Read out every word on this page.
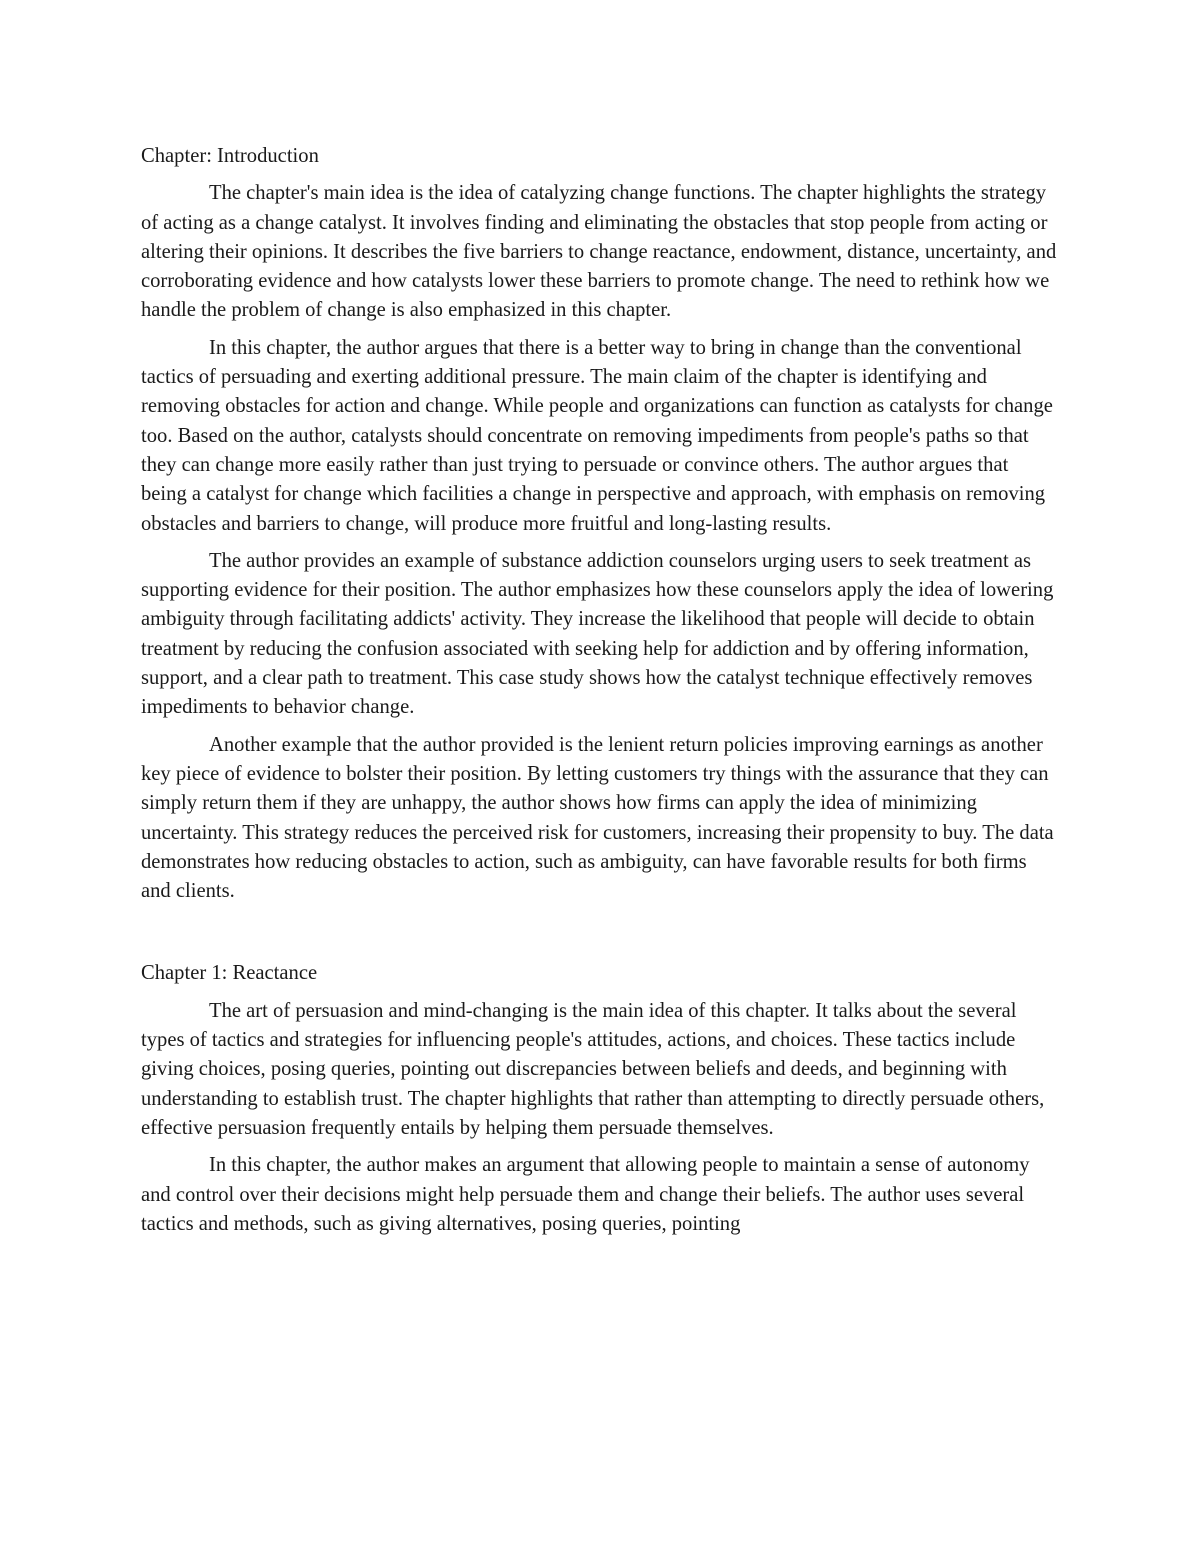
Chapter: Introduction

The chapter's main idea is the idea of catalyzing change functions. The chapter highlights the strategy of acting as a change catalyst. It involves finding and eliminating the obstacles that stop people from acting or altering their opinions. It describes the five barriers to change reactance, endowment, distance, uncertainty, and corroborating evidence and how catalysts lower these barriers to promote change. The need to rethink how we handle the problem of change is also emphasized in this chapter.

In this chapter, the author argues that there is a better way to bring in change than the conventional tactics of persuading and exerting additional pressure. The main claim of the chapter is identifying and removing obstacles for action and change. While people and organizations can function as catalysts for change too. Based on the author, catalysts should concentrate on removing impediments from people's paths so that they can change more easily rather than just trying to persuade or convince others. The author argues that being a catalyst for change which facilities a change in perspective and approach, with emphasis on removing obstacles and barriers to change, will produce more fruitful and long-lasting results.

The author provides an example of substance addiction counselors urging users to seek treatment as supporting evidence for their position. The author emphasizes how these counselors apply the idea of lowering ambiguity through facilitating addicts' activity. They increase the likelihood that people will decide to obtain treatment by reducing the confusion associated with seeking help for addiction and by offering information, support, and a clear path to treatment. This case study shows how the catalyst technique effectively removes impediments to behavior change.

Another example that the author provided is the lenient return policies improving earnings as another key piece of evidence to bolster their position. By letting customers try things with the assurance that they can simply return them if they are unhappy, the author shows how firms can apply the idea of minimizing uncertainty. This strategy reduces the perceived risk for customers, increasing their propensity to buy. The data demonstrates how reducing obstacles to action, such as ambiguity, can have favorable results for both firms and clients.

Chapter 1: Reactance

The art of persuasion and mind-changing is the main idea of this chapter. It talks about the several types of tactics and strategies for influencing people's attitudes, actions, and choices. These tactics include giving choices, posing queries, pointing out discrepancies between beliefs and deeds, and beginning with understanding to establish trust. The chapter highlights that rather than attempting to directly persuade others, effective persuasion frequently entails by helping them persuade themselves.

In this chapter, the author makes an argument that allowing people to maintain a sense of autonomy and control over their decisions might help persuade them and change their beliefs. The author uses several tactics and methods, such as giving alternatives, posing queries, pointing
